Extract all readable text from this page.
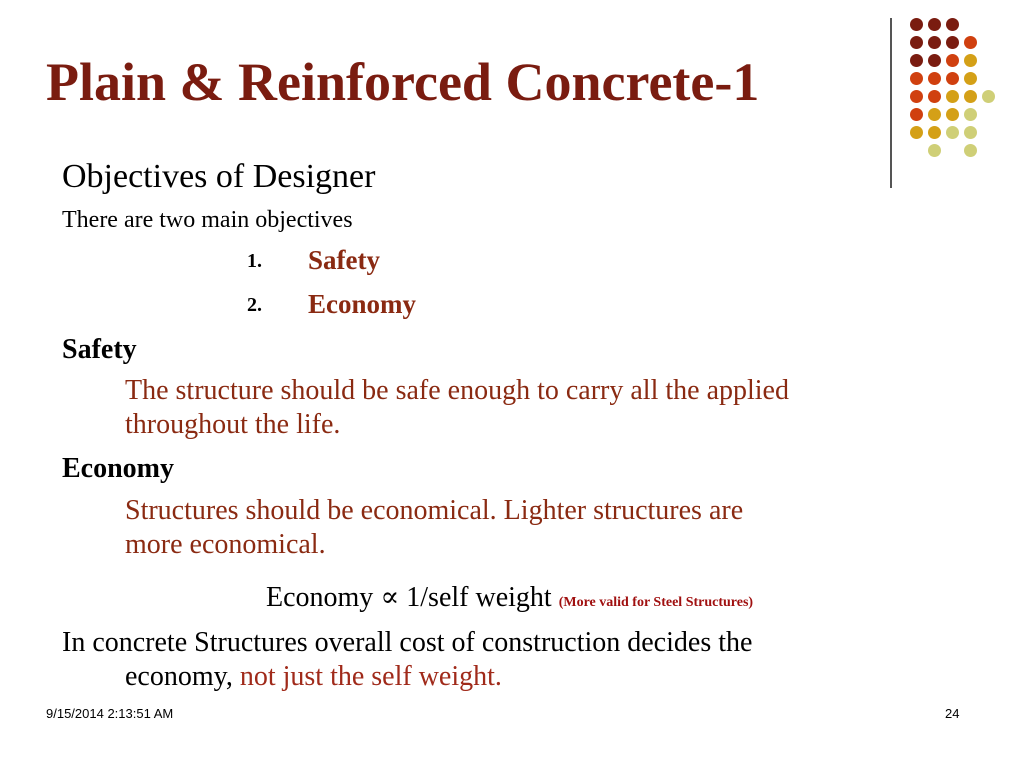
Plain & Reinforced Concrete-1
Objectives of Designer
There are two main objectives
1. Safety
2. Economy
Safety
The structure should be safe enough to carry all the applied
throughout the life.
Economy
Structures should be economical. Lighter structures are
more economical.
Economy ∝ 1/self weight (More valid for Steel Structures)
In concrete Structures overall cost of construction decides the
economy, not just the self weight.
9/15/2014 2:13:51 AM	24
